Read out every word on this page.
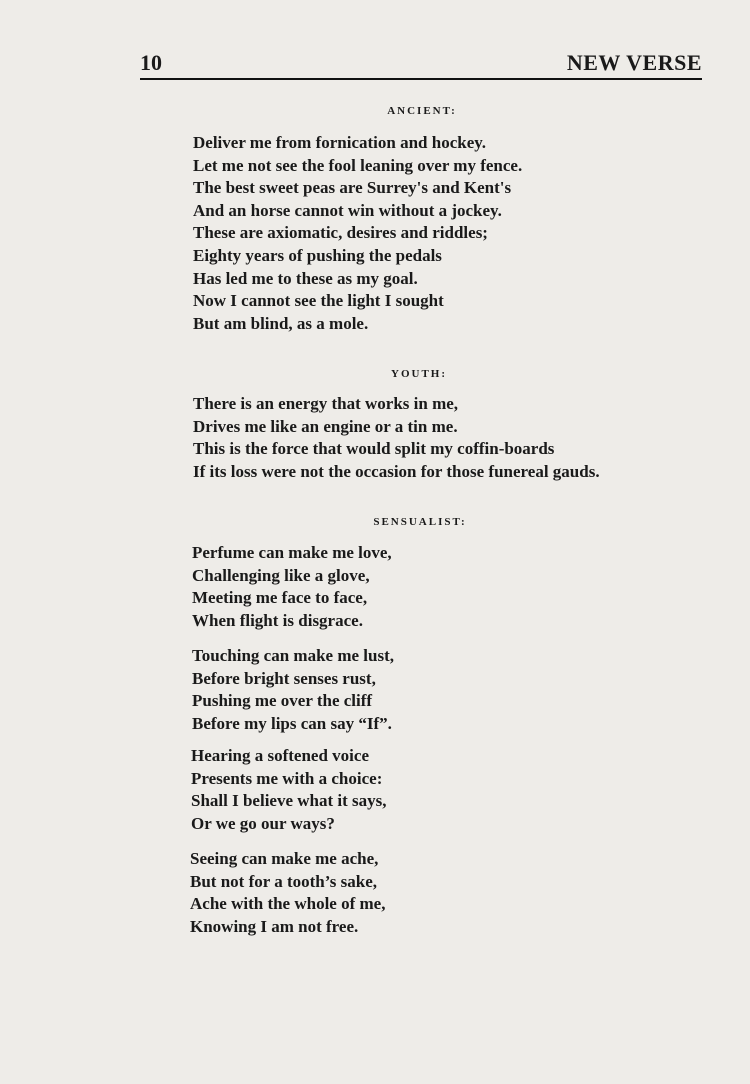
10	NEW VERSE
ANCIENT:
Deliver me from fornication and hockey.
Let me not see the fool leaning over my fence.
The best sweet peas are Surrey's and Kent's
And an horse cannot win without a jockey.
These are axiomatic, desires and riddles;
Eighty years of pushing the pedals
Has led me to these as my goal.
Now I cannot see the light I sought
But am blind, as a mole.
YOUTH:
There is an energy that works in me,
Drives me like an engine or a tin me.
This is the force that would split my coffin-boards
If its loss were not the occasion for those funereal gauds.
SENSUALIST:
Perfume can make me love,
Challenging like a glove,
Meeting me face to face,
When flight is disgrace.
Touching can make me lust,
Before bright senses rust,
Pushing me over the cliff
Before my lips can say “If”.
Hearing a softened voice
Presents me with a choice:
Shall I believe what it says,
Or we go our ways?
Seeing can make me ache,
But not for a tooth’s sake,
Ache with the whole of me,
Knowing I am not free.
